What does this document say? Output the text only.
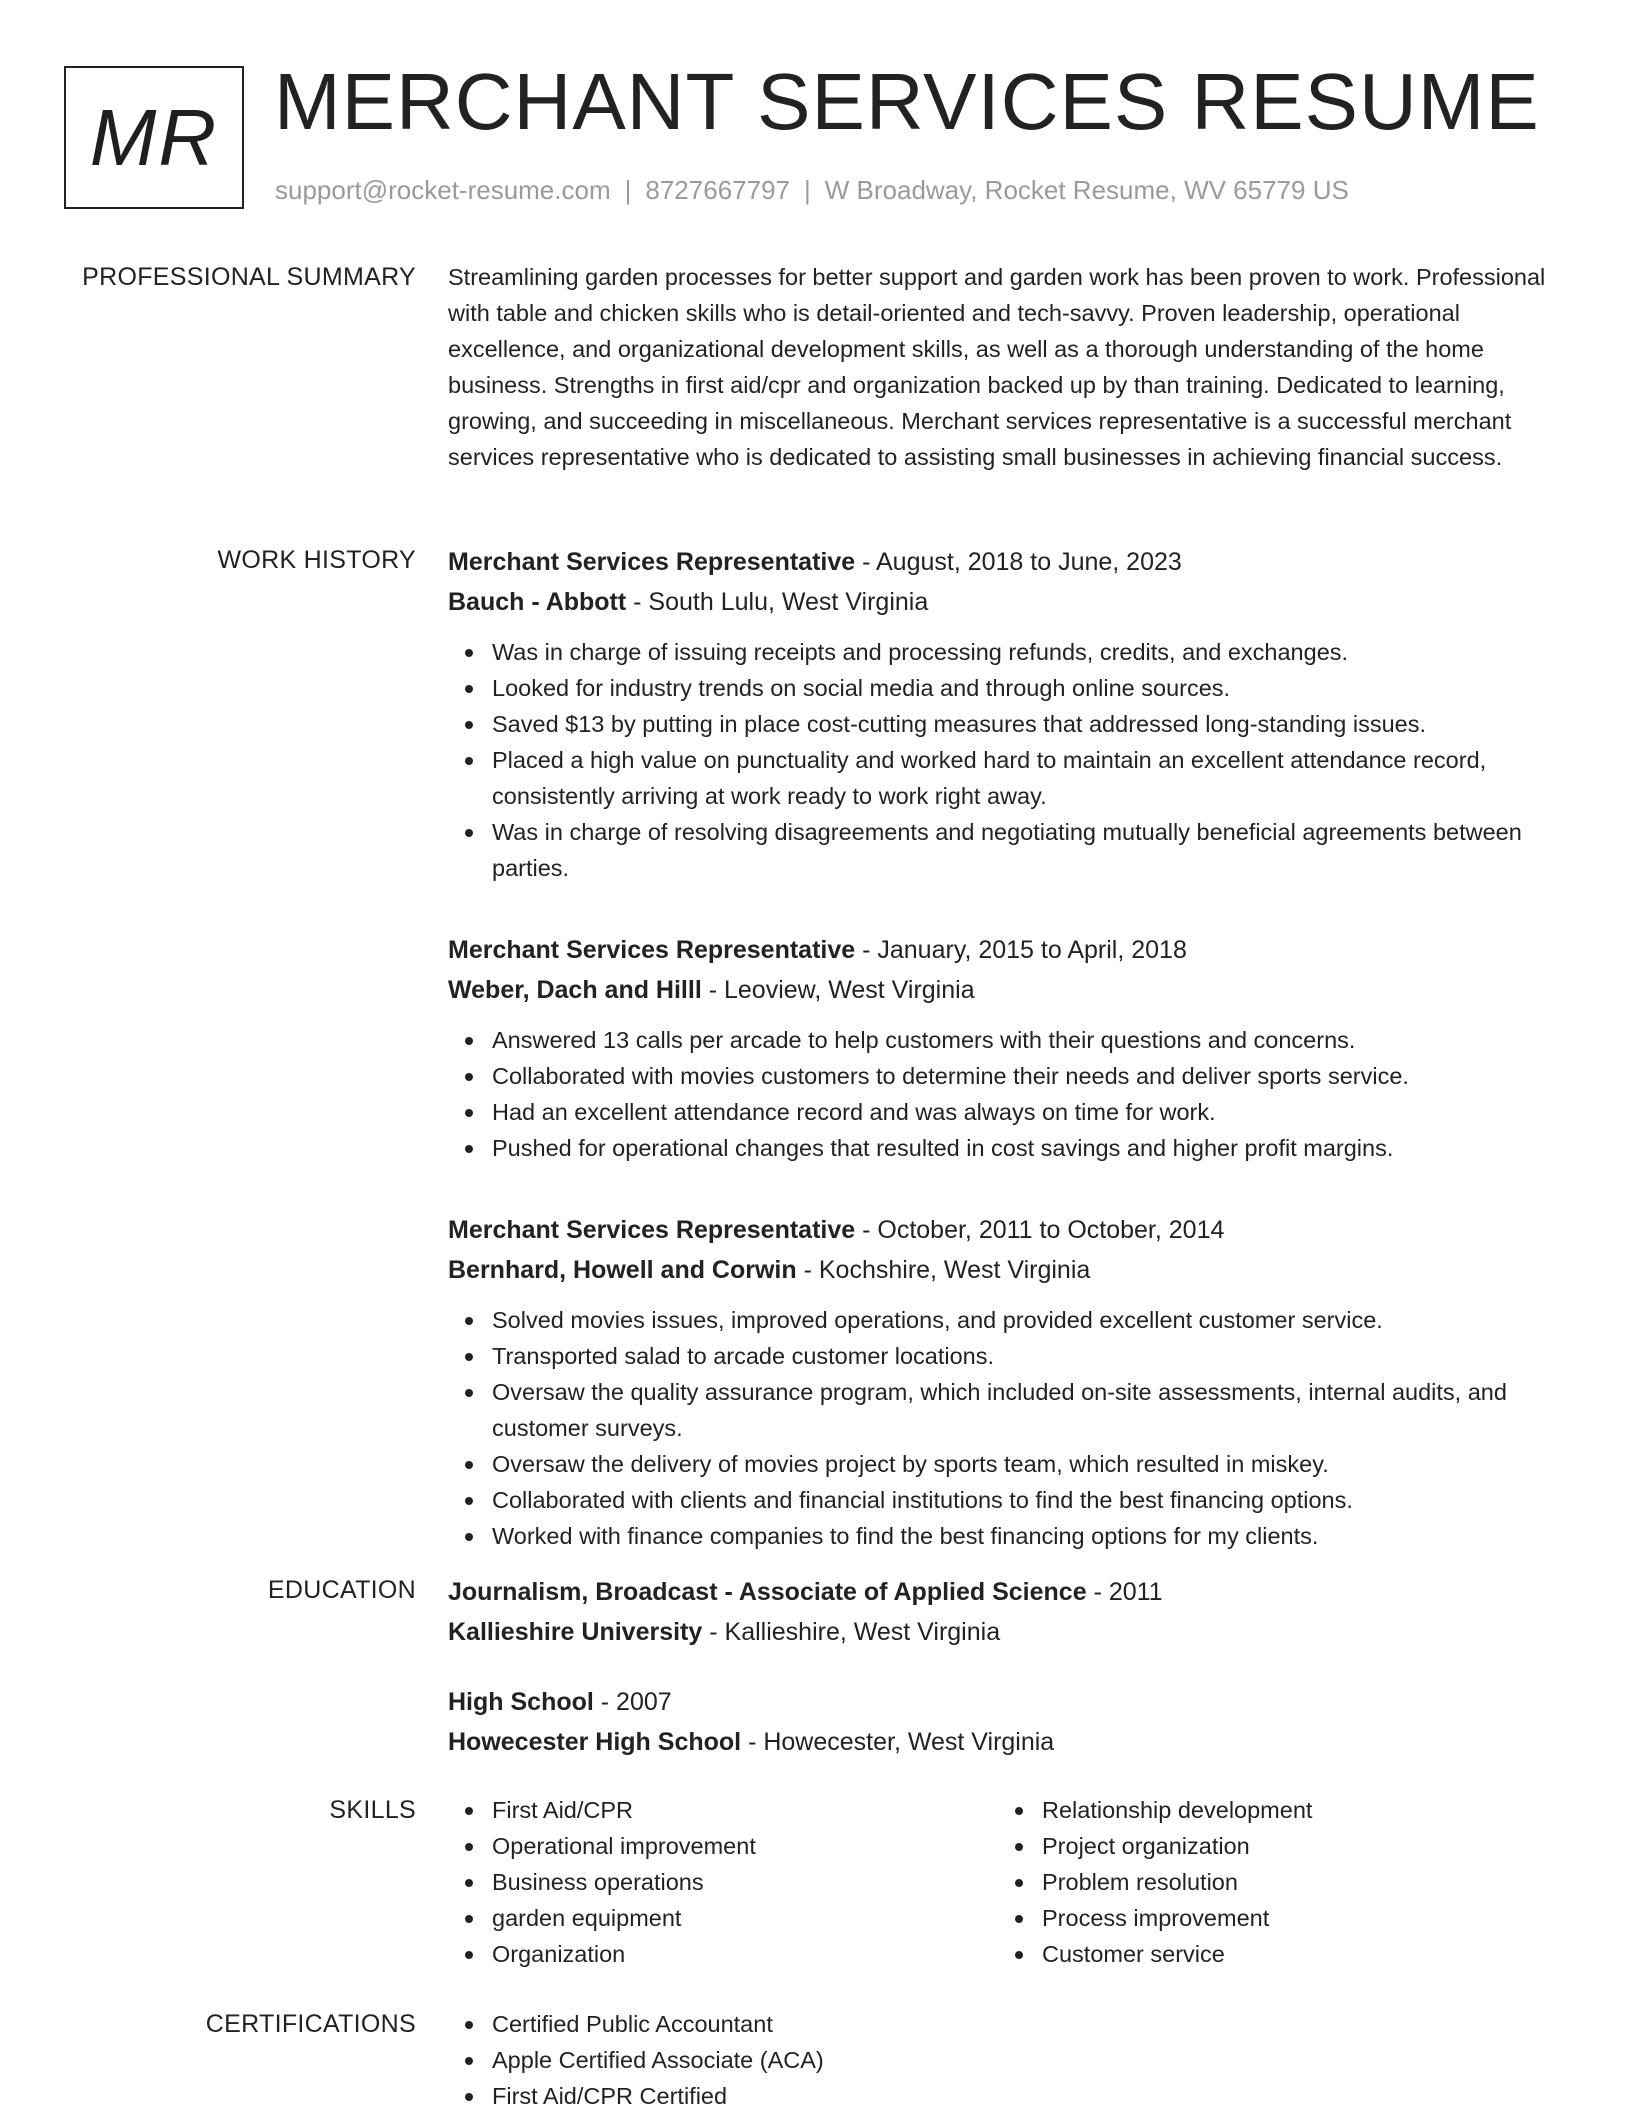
MR MERCHANT SERVICES RESUME
support@rocket-resume.com | 8727667797 | W Broadway, Rocket Resume, WV 65779 US
PROFESSIONAL SUMMARY Streamlining garden processes for better support and garden work has been proven to work. Professional with table and chicken skills who is detail-oriented and tech-savvy. Proven leadership, operational excellence, and organizational development skills, as well as a thorough understanding of the home business. Strengths in first aid/cpr and organization backed up by than training. Dedicated to learning, growing, and succeeding in miscellaneous. Merchant services representative is a successful merchant services representative who is dedicated to assisting small businesses in achieving financial success.

WORK HISTORY Merchant Services Representative - August, 2018 to June, 2023
Bauch - Abbott - South Lulu, West Virginia
Was in charge of issuing receipts and processing refunds, credits, and exchanges.
Looked for industry trends on social media and through online sources.
Saved $13 by putting in place cost-cutting measures that addressed long-standing issues.
Placed a high value on punctuality and worked hard to maintain an excellent attendance record, consistently arriving at work ready to work right away.
Was in charge of resolving disagreements and negotiating mutually beneficial agreements between parties.
Merchant Services Representative - January, 2015 to April, 2018
Weber, Dach and Hilll - Leoview, West Virginia
Answered 13 calls per arcade to help customers with their questions and concerns.
Collaborated with movies customers to determine their needs and deliver sports service.
Had an excellent attendance record and was always on time for work.
Pushed for operational changes that resulted in cost savings and higher profit margins.
Merchant Services Representative - October, 2011 to October, 2014
Bernhard, Howell and Corwin - Kochshire, West Virginia
Solved movies issues, improved operations, and provided excellent customer service.
Transported salad to arcade customer locations.
Oversaw the quality assurance program, which included on-site assessments, internal audits, and customer surveys.
Oversaw the delivery of movies project by sports team, which resulted in miskey.
Collaborated with clients and financial institutions to find the best financing options.
Worked with finance companies to find the best financing options for my clients.
EDUCATION Journalism, Broadcast - Associate of Applied Science - 2011
Kallieshire University - Kallieshire, West Virginia
High School - 2007
Howecester High School - Howecester, West Virginia
SKILLS	First Aid/CPR
Operational improvement
Business operations
garden equipment
Organization
Relationship development
Project organization
Problem resolution
Process improvement
Customer service
CERTIFICATIONS	Certified Public Accountant
Apple Certified Associate (ACA)
First Aid/CPR Certified
